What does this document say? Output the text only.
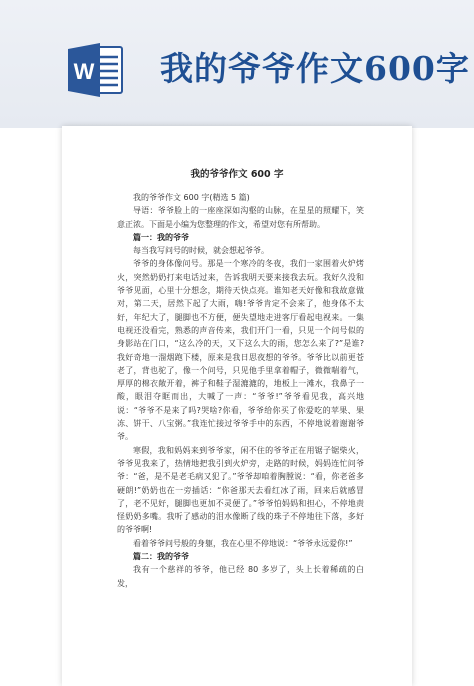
W 我的爷爷作文600字
我的爷爷作文 600 字

我的爷爷作文 600 字(精选 5 篇)

导语：爷爷脸上的一座座深如沟壑的山脉，在星星的照耀下，笑意正浓。下面是小编为您整理的作文，希望对您有所帮助。

篇一：我的爷爷

每当我写问号的时候，就会想起爷爷。

爷爷的身体像问号。那是一个寒冷的冬夜，我们一家围着火炉烤火，突然奶奶打来电话过来，告诉我明天要来接我去玩。我好久没和爷爷见面，心里十分想念，期待天快点亮。谁知老天好像和我故意做对，第二天，居然下起了大雨，嗨!爷爷肯定不会来了，他身体不太好，年纪大了，腿脚也不方便，便失望地走进客厅看起电视来。一集电视还没看完，熟悉的声音传来，我们开门一看，只见一个问号似的身影站在门口，“这么冷的天，又下这么大的雨，您怎么来了?”是谁?我好奇地一溜烟跑下楼，原来是我日思夜想的爷爷。爷爷比以前更苍老了，背也驼了，像一个问号，只见他手里拿着帽子，微微喘着气，厚厚的棉衣敞开着，裤子和鞋子湿漉漉的，地板上一滩水，我鼻子一酸，眼泪夺眶而出，大喊了一声：“爷爷!”爷爷看见我，高兴地说：“爷爷不是来了吗?哭啥?你看，爷爷给你买了你爱吃的苹果、果冻、饼干、八宝粥。”我连忙接过爷爷手中的东西，不停地说着谢谢爷爷。

寒假，我和妈妈来到爷爷家，闲不住的爷爷正在用锯子锯柴火，爷爷见我来了，热情地把我引到火炉旁，走路的时候，妈妈连忙问爷爷：“爸，是不是老毛病又犯了。”爷爷却咱着胸膛说：“看，你老爸多硬朗!”奶奶也在一旁插话：“你爸那天去看红冰了雨，回来后就感冒了，老不见好，腿脚也更加不灵便了。”爷爷怕妈妈和担心，不停地责怪奶奶多嘴。我听了感动的泪水像断了线的珠子不停地往下落，多好的爷爷啊!

看着爷爷问号般的身躯，我在心里不停地说：“爷爷永远爱你!”

篇二：我的爷爷

我有一个慈祥的爷爷，他已经 80 多岁了，头上长着稀疏的白发，
